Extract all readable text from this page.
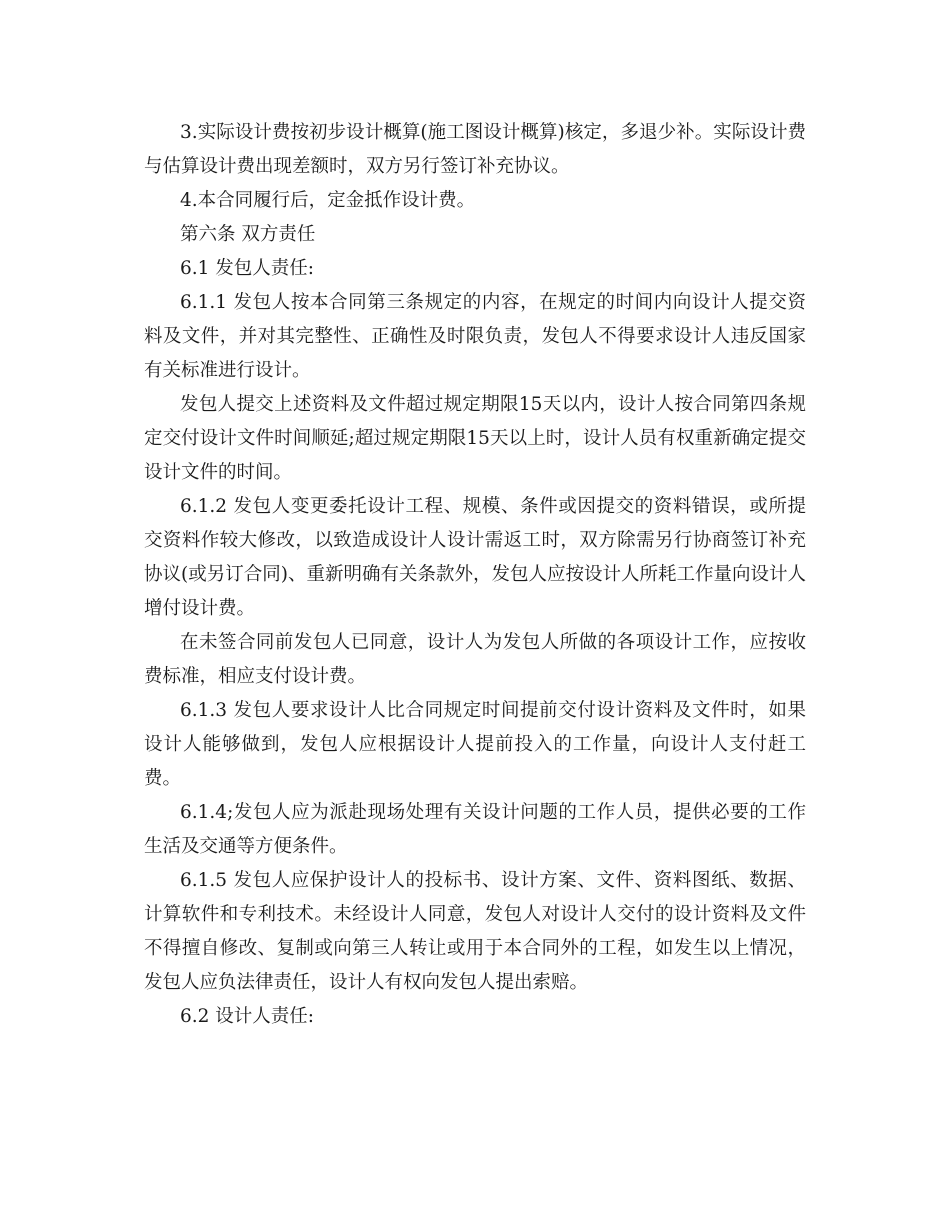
3.实际设计费按初步设计概算(施工图设计概算)核定，多退少补。实际设计费与估算设计费出现差额时，双方另行签订补充协议。

4.本合同履行后，定金抵作设计费。

第六条 双方责任

6.1 发包人责任:

6.1.1 发包人按本合同第三条规定的内容，在规定的时间内向设计人提交资料及文件，并对其完整性、正确性及时限负责，发包人不得要求设计人违反国家有关标准进行设计。

发包人提交上述资料及文件超过规定期限15天以内，设计人按合同第四条规定交付设计文件时间顺延;超过规定期限15天以上时，设计人员有权重新确定提交设计文件的时间。

6.1.2 发包人变更委托设计工程、规模、条件或因提交的资料错误，或所提交资料作较大修改，以致造成设计人设计需返工时，双方除需另行协商签订补充协议(或另订合同)、重新明确有关条款外，发包人应按设计人所耗工作量向设计人增付设计费。

在未签合同前发包人已同意，设计人为发包人所做的各项设计工作，应按收费标准，相应支付设计费。

6.1.3 发包人要求设计人比合同规定时间提前交付设计资料及文件时，如果设计人能够做到，发包人应根据设计人提前投入的工作量，向设计人支付赶工费。

6.1.4;发包人应为派赴现场处理有关设计问题的工作人员，提供必要的工作生活及交通等方便条件。

6.1.5 发包人应保护设计人的投标书、设计方案、文件、资料图纸、数据、计算软件和专利技术。未经设计人同意，发包人对设计人交付的设计资料及文件不得擅自修改、复制或向第三人转让或用于本合同外的工程，如发生以上情况，发包人应负法律责任，设计人有权向发包人提出索赔。

6.2 设计人责任:
